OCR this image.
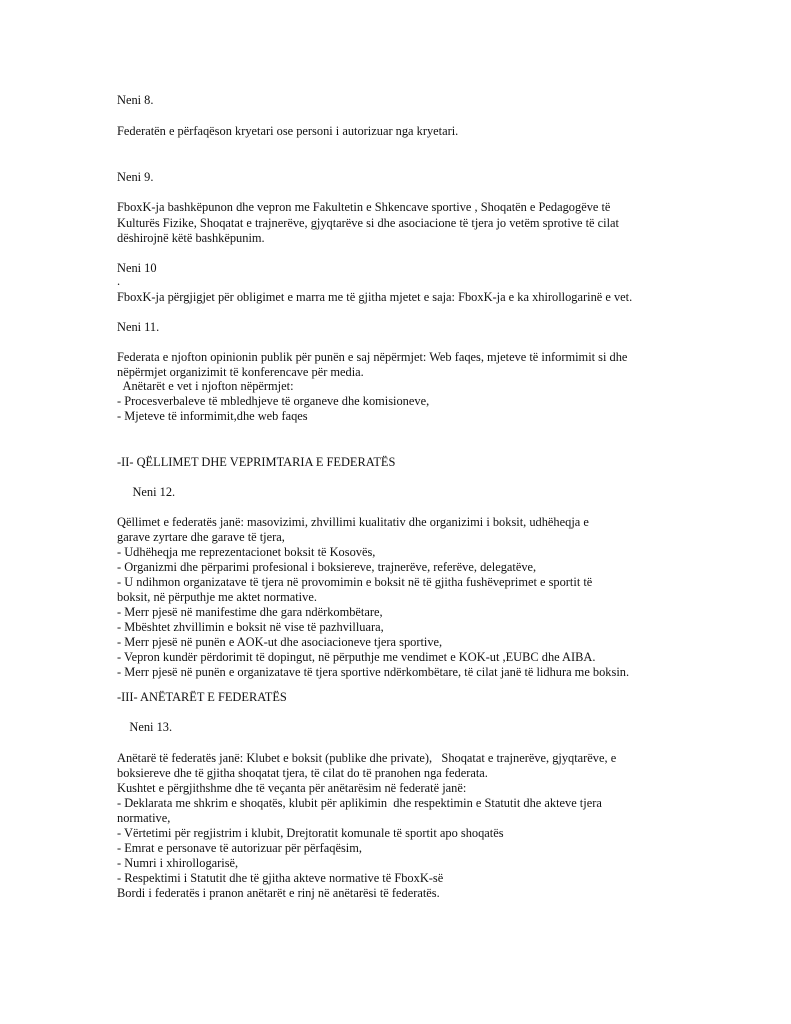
Neni 8.
Federatën e përfaqëson kryetari ose personi i autorizuar nga kryetari.
Neni 9.
FboxK-ja bashkëpunon dhe vepron me Fakultetin e Shkencave sportive , Shoqatën e Pedagogëve të
Kulturës Fizike, Shoqatat e trajnerëve, gjyqtarëve si dhe asociacione të tjera jo vetëm sprotive të cilat
dëshirojnë këtë bashkëpunim.
Neni 10
.
FboxK-ja përgjigjet për obligimet e marra me të gjitha mjetet e saja: FboxK-ja e ka xhirollogarinë e vet.
Neni 11.
Federata e njofton opinionin publik për punën e saj nëpërmjet: Web faqes, mjeteve të informimit si dhe
nëpërmjet organizimit të konferencave për media.
Anëtarët e vet i njofton nëpërmjet:
- Procesverbaleve të mbledhjeve të organeve dhe komisioneve,
- Mjeteve të informimit,dhe web faqes
-II- QËLLIMET DHE VEPRIMTARIA E FEDERATËS
Neni 12.
Qëllimet e federatës janë: masovizimi, zhvillimi kualitativ dhe organizimi i boksit, udhëheqja e
garave zyrtare dhe garave të tjera,
- Udhëheqja me reprezentacionet boksit të Kosovës,
- Organizmi dhe përparimi profesional i boksiereve, trajnerëve, referëve, delegatëve,
- U ndihmon organizatave të tjera në provomimin e boksit në të gjitha fushëveprimet e sportit të
boksit, në përputhje me aktet normative.
- Merr pjesë në manifestime dhe gara ndërkombëtare,
- Mbështet zhvillimin e boksit në vise të pazhvilluara,
- Merr pjesë në punën e AOK-ut dhe asociacioneve tjera sportive,
- Vepron kundër përdorimit të dopingut, në përputhje me vendimet e KOK-ut ,EUBC dhe AIBA.
- Merr pjesë në punën e organizatave të tjera sportive ndërkombëtare, të cilat janë të lidhura me boksin.
-III- ANËTARËT E FEDERATËS
Neni 13.
Anëtarë të federatës janë: Klubet e boksit (publike dhe private),   Shoqatat e trajnerëve, gjyqtarëve, e
boksiereve dhe të gjitha shoqatat tjera, të cilat do të pranohen nga federata.
Kushtet e përgjithshme dhe të veçanta për anëtarësim në federatë janë:
- Deklarata me shkrim e shoqatës, klubit për aplikimin  dhe respektimin e Statutit dhe akteve tjera
normative,
- Vërtetimi për regjistrim i klubit, Drejtoratit komunale të sportit apo shoqatës
- Emrat e personave të autorizuar për përfaqësim,
- Numri i xhirollogarisë,
- Respektimi i Statutit dhe të gjitha akteve normative të FboxK-së
Bordi i federatës i pranon anëtarët e rinj në anëtarësi të federatës.
